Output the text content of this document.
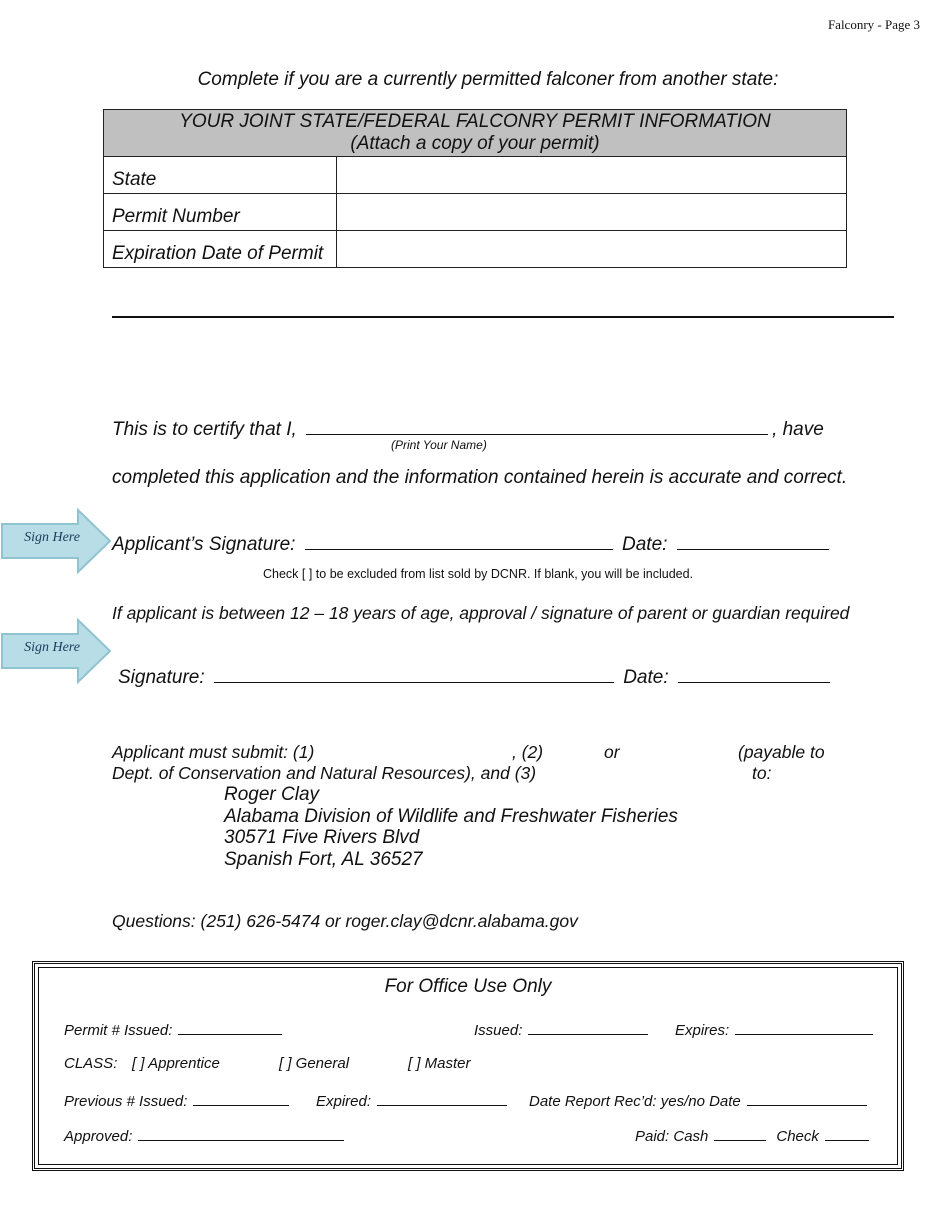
Falconry - Page 3
Complete if you are a currently permitted falconer from another state:
YOUR JOINT STATE/FEDERAL FALCONRY PERMIT INFORMATION
(Attach a copy of your permit)	

State	
Permit Number	
Expiration Date of Permit	
This is to certify that I,	, have
(Print Your Name)
completed this application and the information contained herein is accurate and correct.
Sign Here	Applicant’s Signature:	Date:
Check [ ] to be excluded from list sold by DCNR. If blank, you will be included.
If applicant is between 12 – 18 years of age, approval / signature of parent or guardian required
Sign Here
Signature:	Date:
Applicant must submit: (1)	, (2)	or	(payable to
Dept. of Conservation and Natural Resources), and (3)	to:
Roger Clay
Alabama Division of Wildlife and Freshwater Fisheries
30571 Five Rivers Blvd
Spanish Fort, AL 36527
Questions: (251) 626-5474 or roger.clay@dcnr.alabama.gov
For Office Use Only
Permit # Issued:	Issued:	Expires:
CLASS: [ ] Apprentice	[ ] General	[ ] Master
Previous # Issued:	Expired:	Date Report Rec’d: yes/no Date
Approved:	Paid: Cash	Check
